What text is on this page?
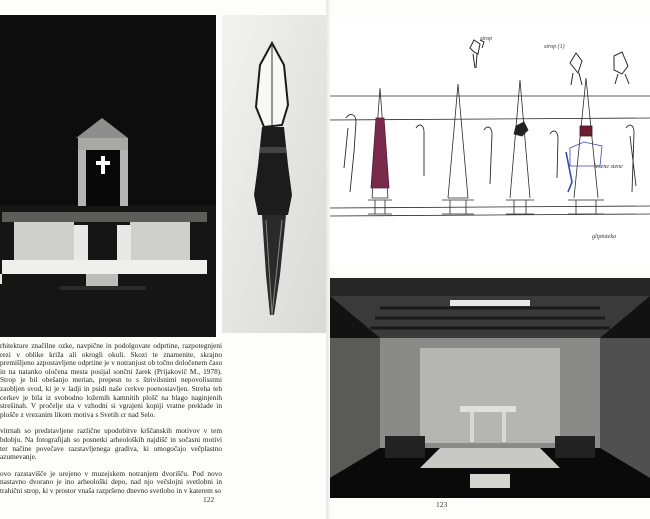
rhitekture značilne ozke, navpične in podolgovate odprtine, razpotegnjeni rezi v oblike križa ali okrogli okuli. Skozi te znamenite, skrajno premišljeno azpostavljene odprtine je v notranjost ob točno določenem času in na natanko oločena mesta posijal sončni žarek (Prijakovič M., 1978). Strop je bil obešanjo merian, prepesn to s štrivilsnimi nepovolisstmi zaobljen svod, ki je v ladji in psidi naše cerkve poenostavljen. Streha teh cerkev je bila iz svobodno ložemih kamnitih plošč na blago naginjenih strešinah. V pročelje sta v vzhodni si vgrajeni kopiji vratne preklade in plošče z vrezanim likom motiva s Svetih cr nad Selo.

vitrnah so predstavljene različne upodobitve krščanskih motivov v tem bdobju. Na fotografijah so posnetki arheoloških najdišč in sočasni motivi ter načine povečave razstavljenega gradiva, ki omogočajo večplastno azumevanje.

ovo razstavišče je urejeno v muzejskem notranjem dvorišču. Pod novo nastavno dvorano je ino arheološki depo, nad njo večslojni svetlobni in trahični strop, ki v prostor vnaša razpršeno dnevno svetlobo in v katerem so

122
strop (1)
strop
lesene stene
gliptoteka
123
